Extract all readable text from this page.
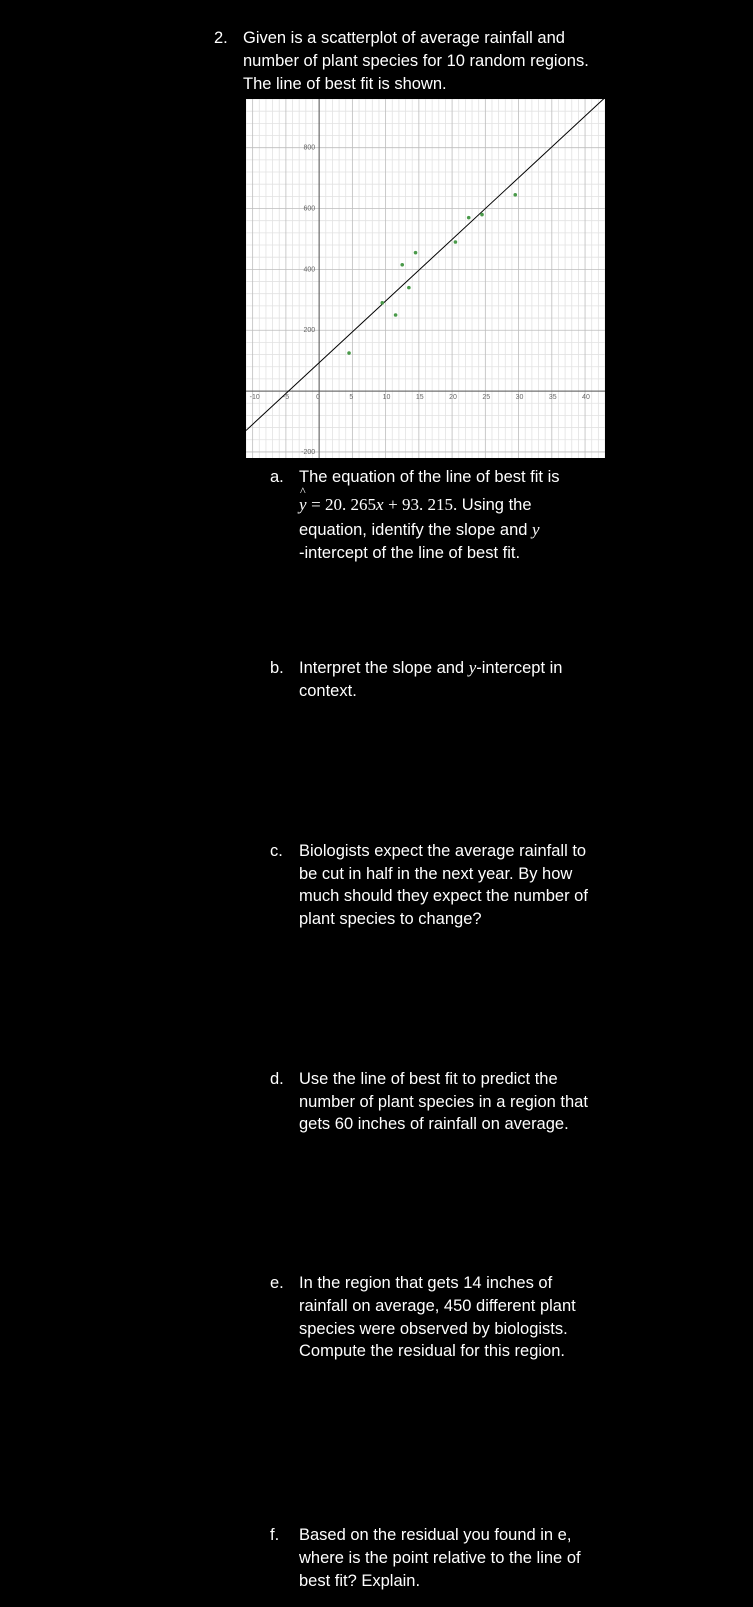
2. Given is a scatterplot of average rainfall and
number of plant species for 10 random regions.
The line of best fit is shown.
-10	-5	0	5	10	15	20	25	30	35	40
-200
200
400
600
800
a. The equation of the line of best fit is
y
^
= 20. 265x + 93. 215. Using the
equation, identify the slope and y
-intercept of the line of best fit.
b. Interpret the slope and y-intercept in
context.
c. Biologists expect the average rainfall to
be cut in half in the next year. By how
much should they expect the number of
plant species to change?
d. Use the line of best fit to predict the
number of plant species in a region that
gets 60 inches of rainfall on average.
e. In the region that gets 14 inches of
rainfall on average, 450 different plant
species were observed by biologists.
Compute the residual for this region.
f. Based on the residual you found in e,
where is the point relative to the line of
best fit? Explain.
